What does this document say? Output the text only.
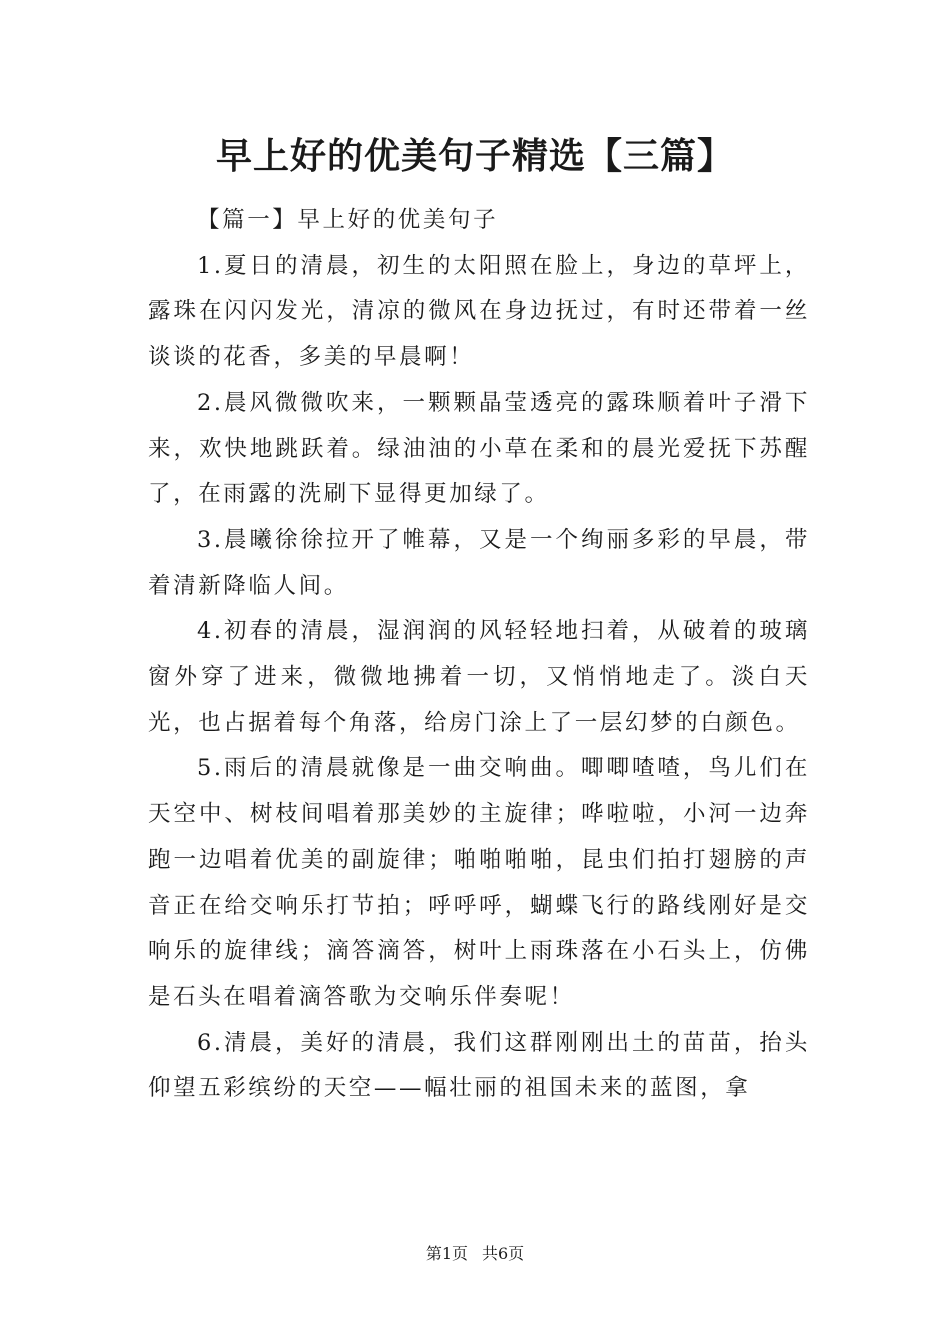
早上好的优美句子精选【三篇】

【篇一】早上好的优美句子

1.夏日的清晨，初生的太阳照在脸上，身边的草坪上，露珠在闪闪发光，清凉的微风在身边抚过，有时还带着一丝谈谈的花香，多美的早晨啊！

2.晨风微微吹来，一颗颗晶莹透亮的露珠顺着叶子滑下来，欢快地跳跃着。绿油油的小草在柔和的晨光爱抚下苏醒了，在雨露的洗刷下显得更加绿了。

3.晨曦徐徐拉开了帷幕，又是一个绚丽多彩的早晨，带着清新降临人间。

4.初春的清晨，湿润润的风轻轻地扫着，从破着的玻璃窗外穿了进来，微微地拂着一切，又悄悄地走了。淡白天光，也占据着每个角落，给房门涂上了一层幻梦的白颜色。

5.雨后的清晨就像是一曲交响曲。唧唧喳喳，鸟儿们在天空中、树枝间唱着那美妙的主旋律；哗啦啦，小河一边奔跑一边唱着优美的副旋律；啪啪啪啪，昆虫们拍打翅膀的声音正在给交响乐打节拍；呼呼呼，蝴蝶飞行的路线刚好是交响乐的旋律线；滴答滴答，树叶上雨珠落在小石头上，仿佛是石头在唱着滴答歌为交响乐伴奏呢！

6.清晨，美好的清晨，我们这群刚刚出土的苗苗，抬头仰望五彩缤纷的天空——幅壮丽的祖国未来的蓝图，拿

第1页 共6页
